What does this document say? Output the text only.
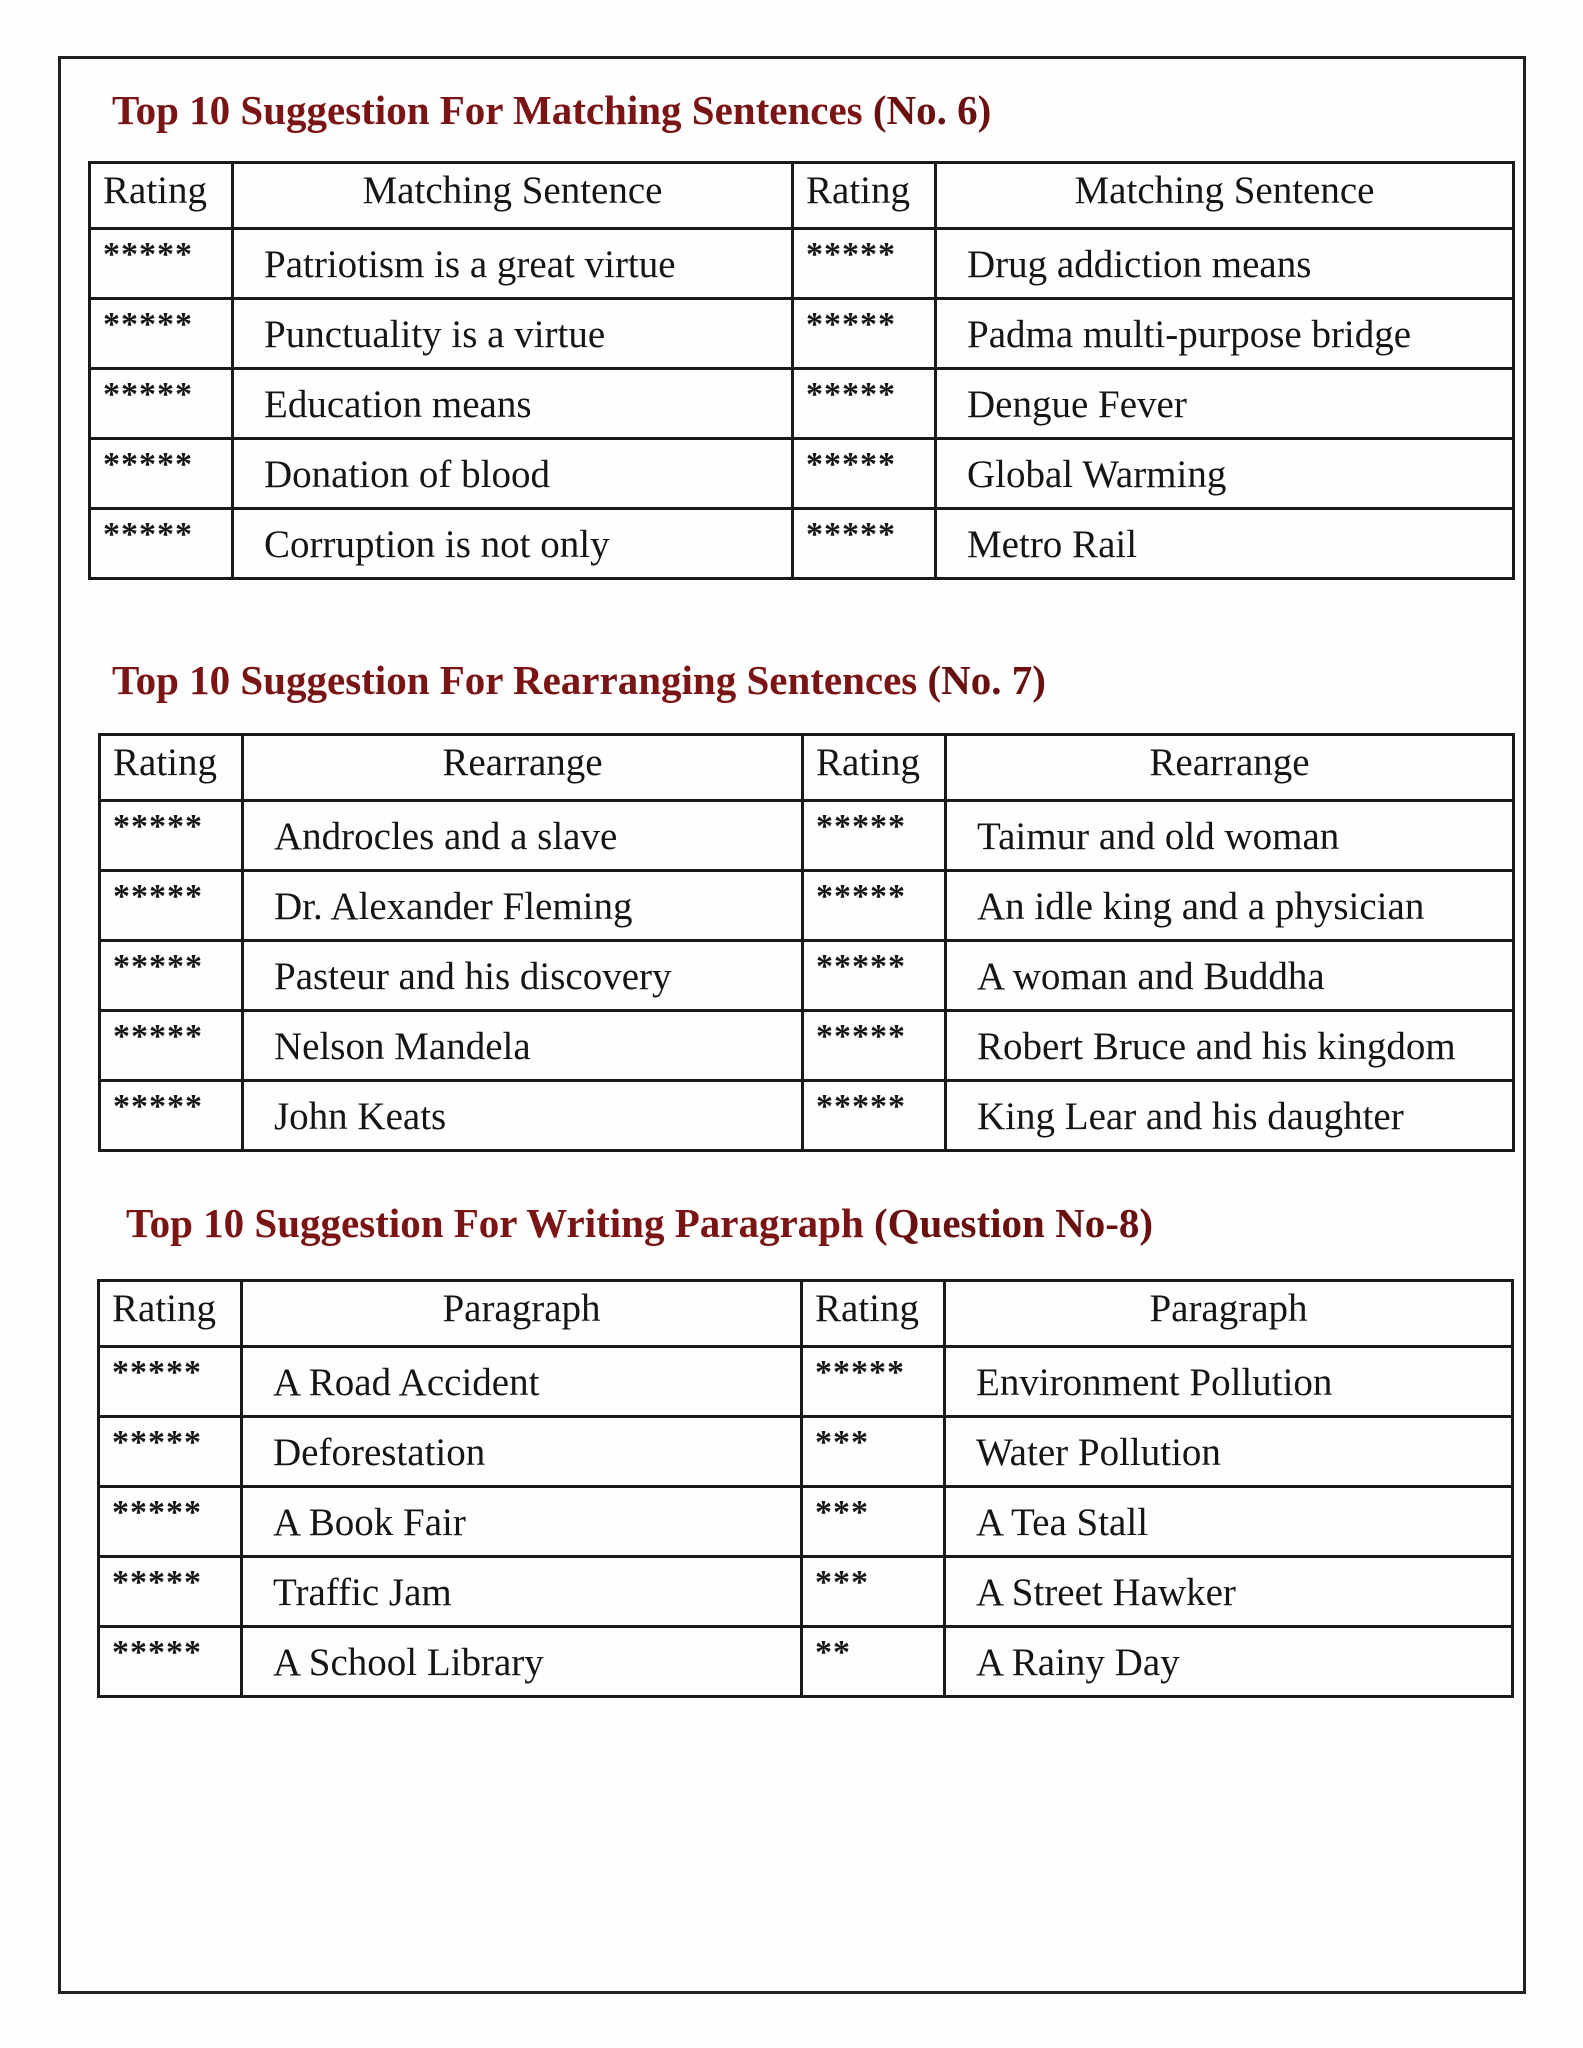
Top 10 Suggestion For Matching Sentences (No. 6)
Rating	Matching Sentence	Rating	Matching Sentence
*****	Patriotism is a great virtue	*****	Drug addiction means
*****	Punctuality is a virtue	*****	Padma multi-purpose bridge
*****	Education means	*****	Dengue Fever
*****	Donation of blood	*****	Global Warming
*****	Corruption is not only	*****	Metro Rail
Top 10 Suggestion For Rearranging Sentences (No. 7)
Rating	Rearrange	Rating	Rearrange
*****	Androcles and a slave	*****	Taimur and old woman
*****	Dr. Alexander Fleming	*****	An idle king and a physician
*****	Pasteur and his discovery	*****	A woman and Buddha
*****	Nelson Mandela	*****	Robert Bruce and his kingdom
*****	John Keats	*****	King Lear and his daughter
Top 10 Suggestion For Writing Paragraph (Question No-8)
Rating	Paragraph	Rating	Paragraph
*****	A Road Accident	*****	Environment Pollution
*****	Deforestation	***	Water Pollution
*****	A Book Fair	***	A Tea Stall
*****	Traffic Jam	***	A Street Hawker
*****	A School Library	**	A Rainy Day
